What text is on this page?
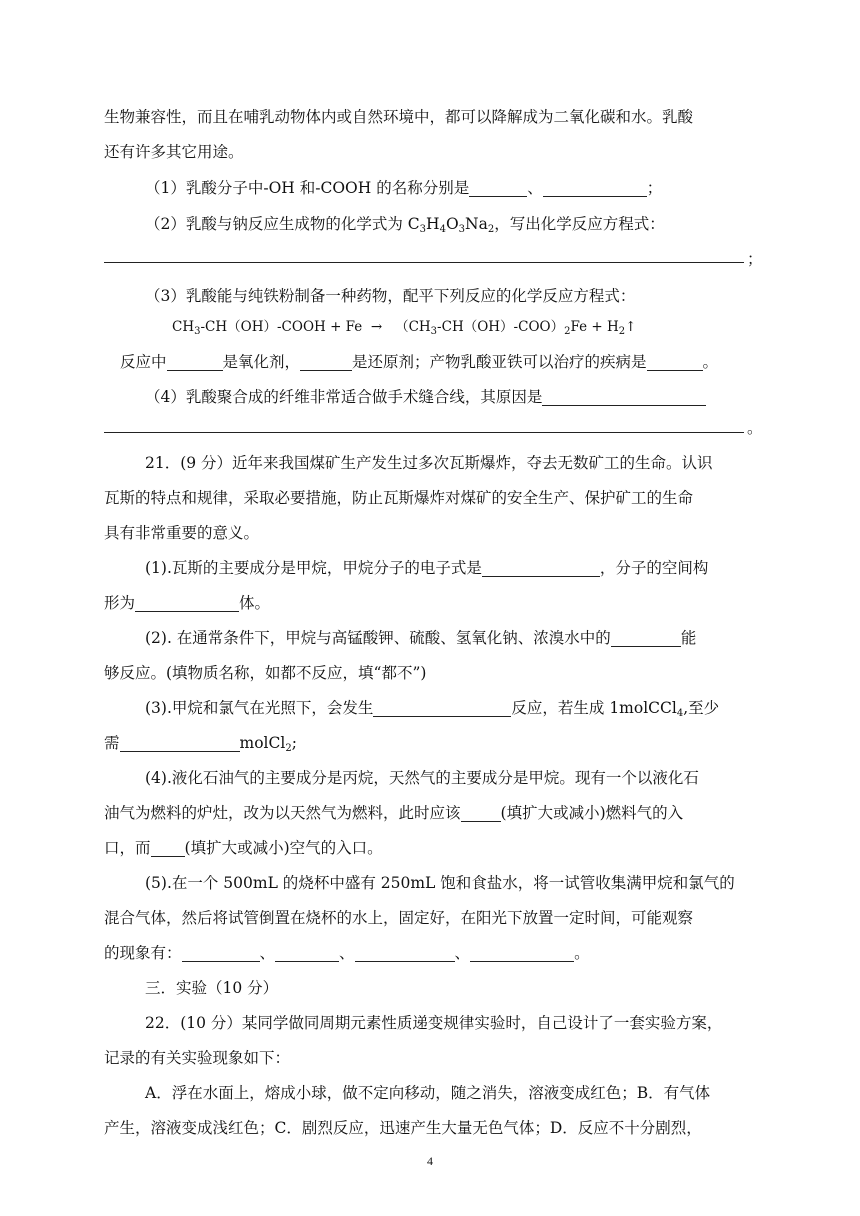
生物兼容性，而且在哺乳动物体内或自然环境中，都可以降解成为二氧化碳和水。乳酸
还有许多其它用途。
（1）乳酸分子中-OH 和-COOH 的名称分别是	、	；
（2）乳酸与钠反应生成物的化学式为 $C_3H_4O_3Na_2$，写出化学反应方程式：
；
（3）乳酸能与纯铁粉制备一种药物，配平下列反应的化学反应方程式：
$CH_3-CH(OH)$-COOH + $Fe \to (CH_3-CH(OH)-COO)_2Fe$ + $H_2↑$
反应中	是氧化剂，	是还原剂；产物乳酸亚铁可以治疗的疾病是	。
（4）乳酸聚合成的纤维非常适合做手术缝合线，其原因是
。
21．(9 分）近年来我国煤矿生产发生过多次瓦斯爆炸，夺去无数矿工的生命。认识
瓦斯的特点和规律，采取必要措施，防止瓦斯爆炸对煤矿的安全生产、保护矿工的生命
具有非常重要的意义。
(1).瓦斯的主要成分是甲烷，甲烷分子的电子式是	，分子的空间构
形为	体。
(2). 在通常条件下，甲烷与高锰酸钾、硫酸、氢氧化钠、浓溴水中的	能
够反应。(填物质名称，如都不反应，填“都不”)
(3).甲烷和氯气在光照下，会发生	反应，若生成 1molCCl$_4$,至少
需	molCl$_2$;
(4).液化石油气的主要成分是丙烷，天然气的主要成分是甲烷。现有一个以液化石
油气为燃料的炉灶，改为以天然气为燃料，此时应该	(填扩大或减小)燃料气的入
口，而 (填扩大或减小)空气的入口。
(5).在一个 500mL 的烧杯中盛有 250mL 饱和食盐水，将一试管收集满甲烷和氯气的
混合气体，然后将试管倒置在烧杯的水上，固定好，在阳光下放置一定时间，可能观察
的现象有：	、	、	、	。
三．实验（10 分）
22．(10 分）某同学做同周期元素性质递变规律实验时，自己设计了一套实验方案，
记录的有关实验现象如下：
A．浮在水面上，熔成小球，做不定向移动，随之消失，溶液变成红色；B．有气体
产生，溶液变成浅红色；C．剧烈反应，迅速产生大量无色气体；D．反应不十分剧烈，
4
